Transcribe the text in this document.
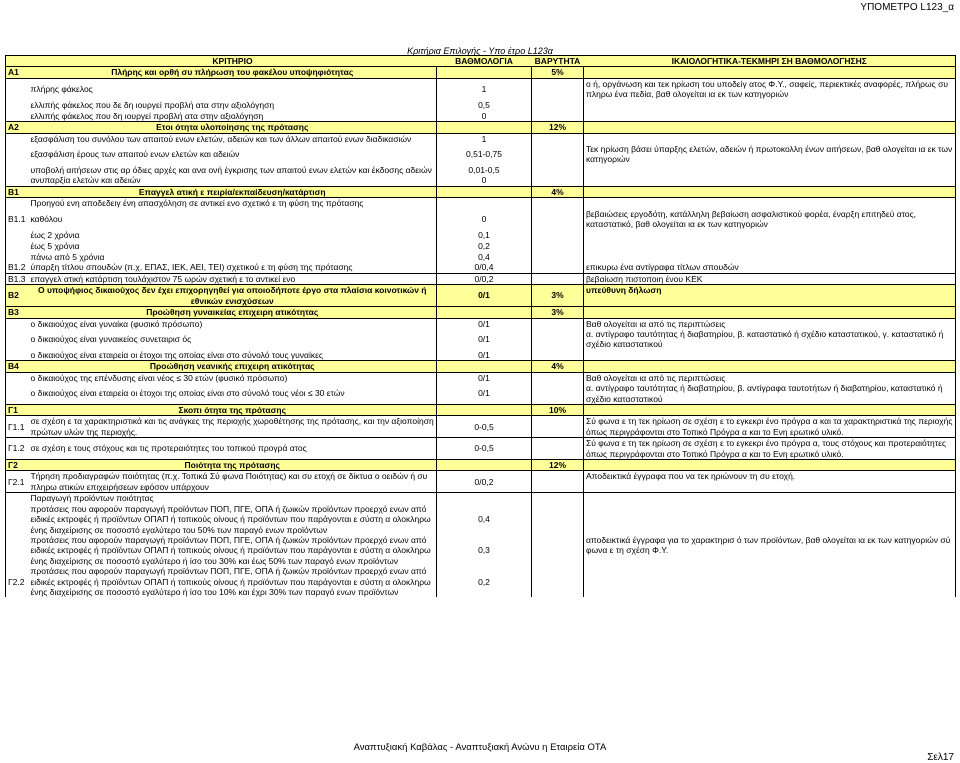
ΥΠΟΜΕΤΡΟ L123_α
Κριτήρια Επιλογής - Υπο έτρο L123α
	ΚΡΙΤΗΡΙΟ	ΒΑΘΜΟΛΟΓΙΑ	ΒΑΡΥΤΗΤΑ	ΙΚΑΙΟΛΟΓΗΤΙΚΑ-ΤΕΚΜΗΡΙ ΣΗ ΒΑΘΜΟΛΟΓΗΣΗΣ
Α1	Πλήρης και ορθή συ πλήρωση του φακέλου υποψηφιότητας		5%	
	πλήρης φάκελος	1		ο ή, οργάνωση και τεκ ηρίωση του υποδείγ ατος Φ.Υ., σαφείς, περιεκτικές αναφορές, πλήρως συ πληρω ένα πεδία, βαθ ολογείται ια εκ των κατηγοριών
	ελλιπής φάκελος που δε δη ιουργεί προβλή ατα στην αξιολόγηση	0,5		
	ελλιπής φάκελος που δη ιουργεί προβλή ατα στην αξιολόγηση	0		
Α2	Ετοι ότητα υλοποίησης της πρότασης		12%	
	εξασφάλιση του συνόλου των απαιτού ενων ελετών, αδειών και των άλλων απαιτού ενων διαδικασιών	1		
	εξασφάλιση έρους των απαιτού ενων ελετών και αδειών	0,51-0,75		Τεκ ηρίωση βάσει ύπαρξης ελετών, αδειών ή πρωτοκολλη ένων αιτήσεων, βαθ ολογείται ια εκ των κατηγοριών
	υποβολή αιτήσεων στις αρ όδιες αρχές και ανα ονή έγκρισης των απαιτού ενων ελετών και έκδοσης αδειών	0,01-0,5		
	ανυπαρξία ελετών και αδειών	0		
Β1	Επαγγελ ατική ε πειρία/εκπαίδευση/κατάρτιση		4%	
	Προηγού ενη αποδεδειγ ένη απασχόληση σε αντικεί ενο σχετικό ε τη φύση της πρότασης			
Β1.1	καθόλου	0		βεβαιώσεις εργοδότη, κατάλληλη βεβαίωση ασφαλιστικού φορέα, έναρξη επιτηδεύ ατος, καταστατικό, βαθ ολογείται ια εκ των κατηγοριών
	έως 2 χρόνια	0,1		
	έως 5 χρόνια	0,2		
	πάνω από 5 χρόνια	0,4		
Β1.2	ύπαρξη τίτλου σπουδών (π.χ. ΕΠΑΣ, ΙΕΚ, ΑΕΙ, ΤΕΙ) σχετικού ε τη φύση της πρότασης	0/0,4		επικυρω ένα αντίγραφα τίτλων σπουδών
Β1.3	επαγγελ ατική κατάρτιση τουλάχιστον 75 ωρών σχετική ε το αντικεί ενο	0/0,2		βεβαίωση πιστοποιη ένου ΚΕΚ
Β2	Ο υποψήφιος δικαιούχος δεν έχει επιχορηγηθεί για οποιοδήποτε έργο στα πλαίσια κοινοτικών ή εθνικών ενισχύσεων	0/1	3%	υπεύθυνη δήλωση
Β3	Προώθηση γυναικείας επιχειρη ατικότητας		3%	
	ο δικαιούχος είναι γυναίκα (φυσικό πρόσωπο)	0/1		Βαθ ολογείται ια από τις περιπτώσεις
	ο δικαιούχος είναι γυναικείος συνεταιρισ ός	0/1		α. αντίγραφο ταυτότητας ή διαβατηρίου, β. καταστατικό ή σχέδιο καταστατικού, γ. καταστατικό ή σχέδιο καταστατικού
	ο δικαιούχος είναι εταιρεία οι έτοχοι της οποίας είναι στο σύνολό τους γυναίκες	0/1		
Β4	Προώθηση νεανικής επιχειρη ατικότητας		4%	
	ο δικαιούχος της επένδυσης είναι νέος ≤ 30 ετών (φυσικό πρόσωπο)	0/1		Βαθ ολογείται ια από τις περιπτώσεις
	ο δικαιούχος είναι εταιρεία οι έτοχοι της οποίας είναι στο σύνολό τους νέοι ≤ 30 ετών	0/1		α. αντίγραφο ταυτότητας ή διαβατηρίου, β. αντίγραφα ταυτοτήτων ή διαβατηρίου, καταστατικό ή σχέδιο καταστατικού
Γ1	Σκοπι ότητα της πρότασης		10%	
Γ1.1	σε σχέση ε τα χαρακτηριστικά και τις ανάγκες της περιοχής χωροθέτησης της πρότασης, και την αξιοποίηση πρώτων υλών της περιοχής.	0-0,5		Σύ φωνα ε τη τεκ ηρίωση σε σχέση ε το εγκεκρι ένο πρόγρα α και τα χαρακτηριστικά της περιοχής όπως περιγράφονται στο Τοπικό Πρόγρα α και το Ενη ερωτικό υλικό.
Γ1.2	σε σχέση ε τους στόχους και τις προτεραιότητες του τοπικού προγρά ατος	0-0,5		Σύ φωνα ε τη τεκ ηρίωση σε σχέση ε το εγκεκρι ένο πρόγρα α, τους στόχους και προτεραιότητες όπως περιγράφονται στο Τοπικό Πρόγρα α και το Ενη ερωτικό υλικό.
Γ2	Ποιότητα της πρότασης		12%	
Γ2.1	Τήρηση προδιαγραφών ποιότητας (π.χ. Τοπικά Σύ φωνα Ποιότητας) και συ ετοχή σε δίκτυα ο οειδών ή συ πληρω ατικών επιχειρήσεων εφόσον υπάρχουν	0/0,2		Αποδεικτικά έγγραφα που να τεκ ηριώνουν τη συ ετοχή.
	Παραγωγή προϊόντων ποιότητας			
	προτάσεις που αφορούν παραγωγή προϊόντων ΠΟΠ, ΠΓΕ, ΟΠΑ ή ζωικών προϊόντων προερχό ενων από ειδικές εκτροφές ή προϊόντων ΟΠΑΠ ή τοπικούς οίνους ή προϊόντων που παράγονται ε σύστη α ολοκληρω ένης διαχείρισης σε ποσοστό εγαλύτερο του 50% των παραγό ενων προϊόντων	0,4		
	προτάσεις που αφορούν παραγωγή προϊόντων ΠΟΠ, ΠΓΕ, ΟΠΑ ή ζωικών προϊόντων προερχό ενων από ειδικές εκτροφές ή προϊόντων ΟΠΑΠ ή τοπικούς οίνους ή προϊόντων που παράγονται ε σύστη α ολοκληρω ένης διαχείρισης σε ποσοστό εγαλύτερο ή ίσο του 30% και έως 50% των παραγό ενων προϊόντων	0,3		αποδεικτικά έγγραφα για το χαρακτηρισ ό των προϊόντων, βαθ ολογείται ια εκ των κατηγοριών σύ φωνα ε τη σχέση Φ.Υ.
Γ2.2	προτάσεις που αφορούν παραγωγή προϊόντων ΠΟΠ, ΠΓΕ, ΟΠΑ ή ζωικών προϊόντων προερχό ενων από ειδικές εκτροφές ή προϊόντων ΟΠΑΠ ή τοπικούς οίνους ή προϊόντων που παράγονται ε σύστη α ολοκληρω ένης διαχείρισης σε ποσοστό εγαλύτερο ή ίσο του 10% και έχρι 30% των παραγό ενων προϊόντων	0,2		
Αναπτυξιακή Καβάλας - Αναπτυξιακή Ανώνυ η Εταιρεία ΟΤΑ
Σελ17
